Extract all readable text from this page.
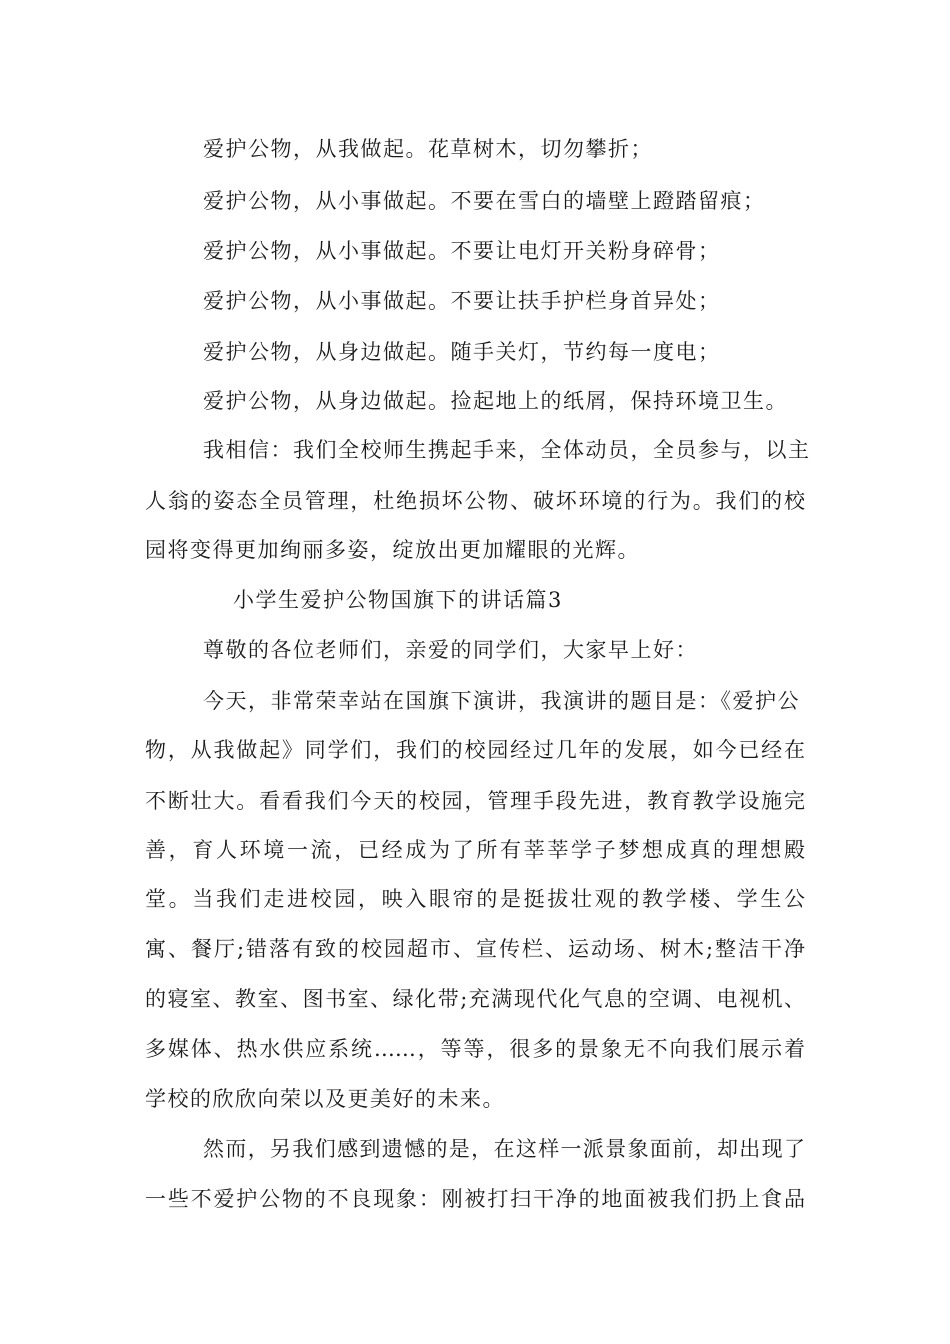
爱护公物，从我做起。花草树木，切勿攀折；
爱护公物，从小事做起。不要在雪白的墙壁上蹬踏留痕；
爱护公物，从小事做起。不要让电灯开关粉身碎骨；
爱护公物，从小事做起。不要让扶手护栏身首异处；
爱护公物，从身边做起。随手关灯，节约每一度电；
爱护公物，从身边做起。捡起地上的纸屑，保持环境卫生。
我相信：我们全校师生携起手来，全体动员，全员参与，以主
人翁的姿态全员管理，杜绝损坏公物、破坏环境的行为。我们的校
园将变得更加绚丽多姿，绽放出更加耀眼的光辉。
小学生爱护公物国旗下的讲话篇3
尊敬的各位老师们，亲爱的同学们，大家早上好：
今天，非常荣幸站在国旗下演讲，我演讲的题目是：《爱护公
物，从我做起》同学们，我们的校园经过几年的发展，如今已经在
不断壮大。看看我们今天的校园，管理手段先进，教育教学设施完
善，育人环境一流，已经成为了所有莘莘学子梦想成真的理想殿
堂。当我们走进校园，映入眼帘的是挺拔壮观的教学楼、学生公
寓、餐厅;错落有致的校园超市、宣传栏、运动场、树木;整洁干净
的寝室、教室、图书室、绿化带;充满现代化气息的空调、电视机、
多媒体、热水供应系统……，等等，很多的景象无不向我们展示着
学校的欣欣向荣以及更美好的未来。
然而，另我们感到遗憾的是，在这样一派景象面前，却出现了
一些不爱护公物的不良现象：刚被打扫干净的地面被我们扔上食品
